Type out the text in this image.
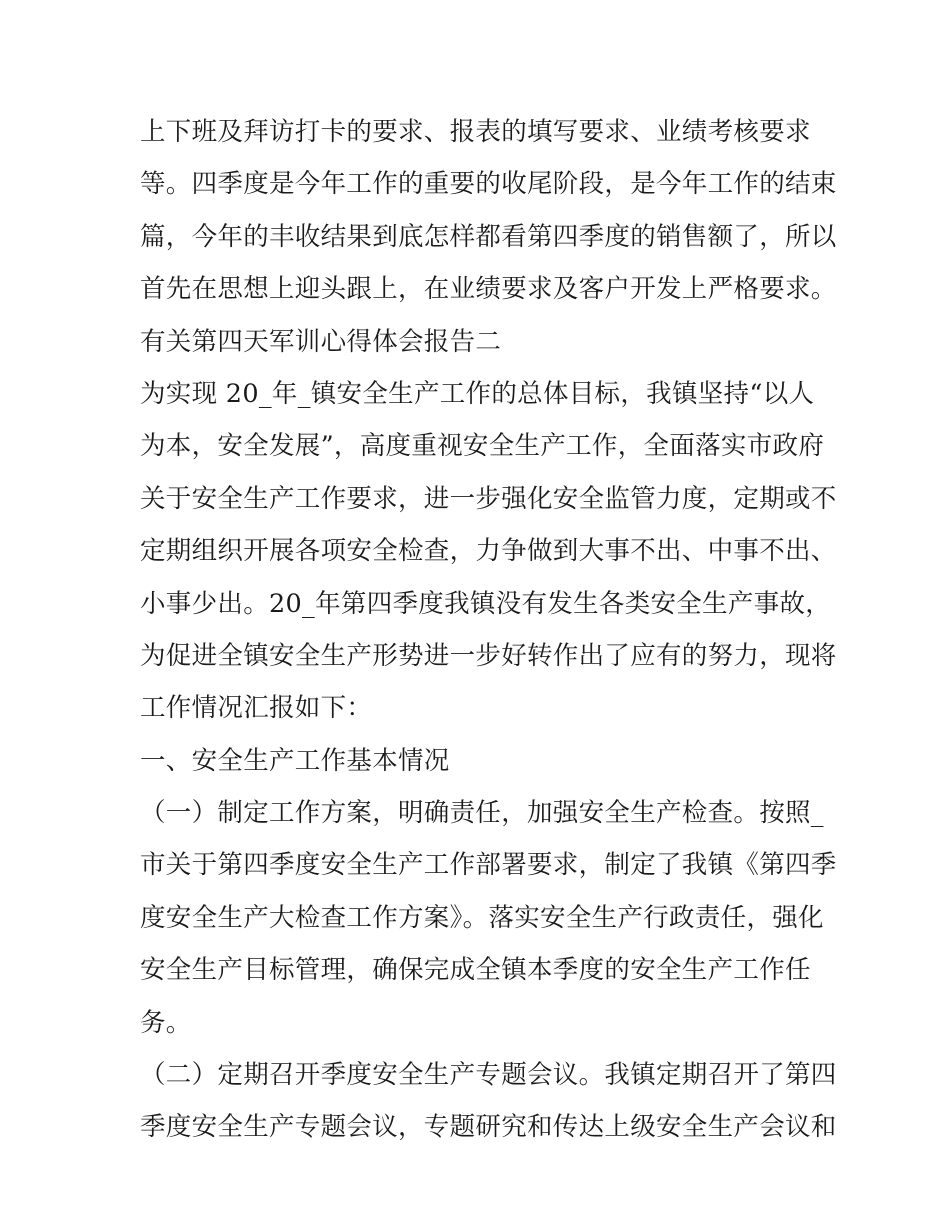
上下班及拜访打卡的要求、报表的填写要求、业绩考核要求
等。四季度是今年工作的重要的收尾阶段，是今年工作的结束
篇，今年的丰收结果到底怎样都看第四季度的销售额了，所以
首先在思想上迎头跟上，在业绩要求及客户开发上严格要求。
有关第四天军训心得体会报告二
为实现 20_年_镇安全生产工作的总体目标，我镇坚持“以人
为本，安全发展”，高度重视安全生产工作，全面落实市政府
关于安全生产工作要求，进一步强化安全监管力度，定期或不
定期组织开展各项安全检查，力争做到大事不出、中事不出、
小事少出。20_年第四季度我镇没有发生各类安全生产事故，
为促进全镇安全生产形势进一步好转作出了应有的努力，现将
工作情况汇报如下：
一、安全生产工作基本情况
（一）制定工作方案，明确责任，加强安全生产检查。按照_
市关于第四季度安全生产工作部署要求，制定了我镇《第四季
度安全生产大检查工作方案》。落实安全生产行政责任，强化
安全生产目标管理，确保完成全镇本季度的安全生产工作任
务。
（二）定期召开季度安全生产专题会议。我镇定期召开了第四
季度安全生产专题会议，专题研究和传达上级安全生产会议和
